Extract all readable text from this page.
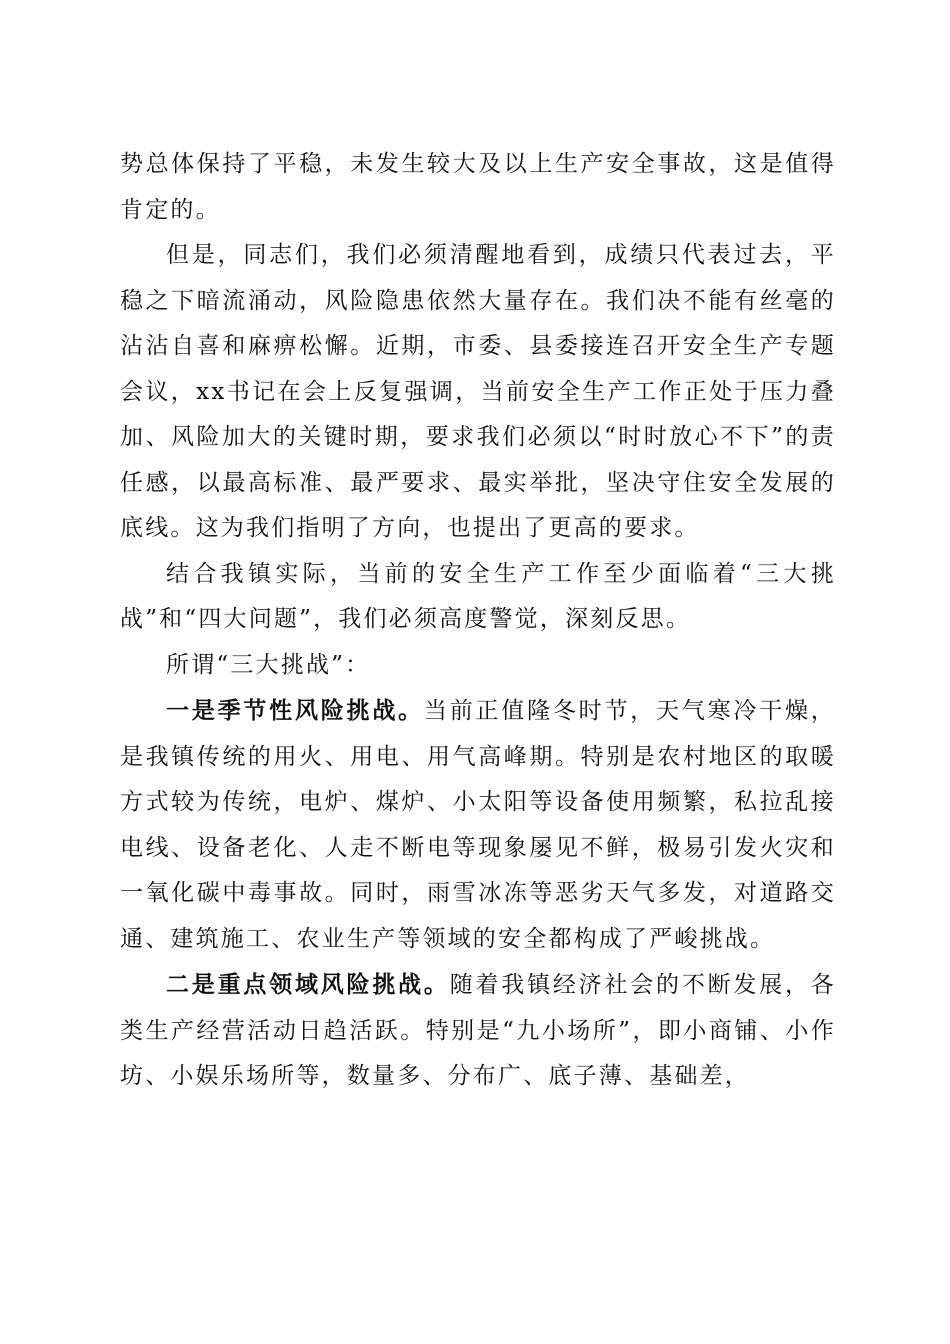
势总体保持了平稳，未发生较大及以上生产安全事故，这是值得肯定的。

但是，同志们，我们必须清醒地看到，成绩只代表过去，平稳之下暗流涌动，风险隐患依然大量存在。我们决不能有丝毫的沾沾自喜和麻痹松懈。近期，市委、县委接连召开安全生产专题会议，xx书记在会上反复强调，当前安全生产工作正处于压力叠加、风险加大的关键时期，要求我们必须以“时时放心不下”的责任感，以最高标准、最严要求、最实举批，坚决守住安全发展的底线。这为我们指明了方向，也提出了更高的要求。

结合我镇实际，当前的安全生产工作至少面临着“三大挑战”和“四大问题”，我们必须高度警觉，深刻反思。

所谓“三大挑战”：

一是季节性风险挑战。当前正值隆冬时节，天气寒冷干燥，是我镇传统的用火、用电、用气高峰期。特别是农村地区的取暖方式较为传统，电炉、煤炉、小太阳等设备使用频繁，私拉乱接电线、设备老化、人走不断电等现象屡见不鲜，极易引发火灾和一氧化碳中毒事故。同时，雨雪冰冻等恶劣天气多发，对道路交通、建筑施工、农业生产等领域的安全都构成了严峻挑战。

二是重点领域风险挑战。随着我镇经济社会的不断发展，各类生产经营活动日趋活跃。特别是“九小场所”，即小商铺、小作坊、小娱乐场所等，数量多、分布广、底子薄、基础差，
